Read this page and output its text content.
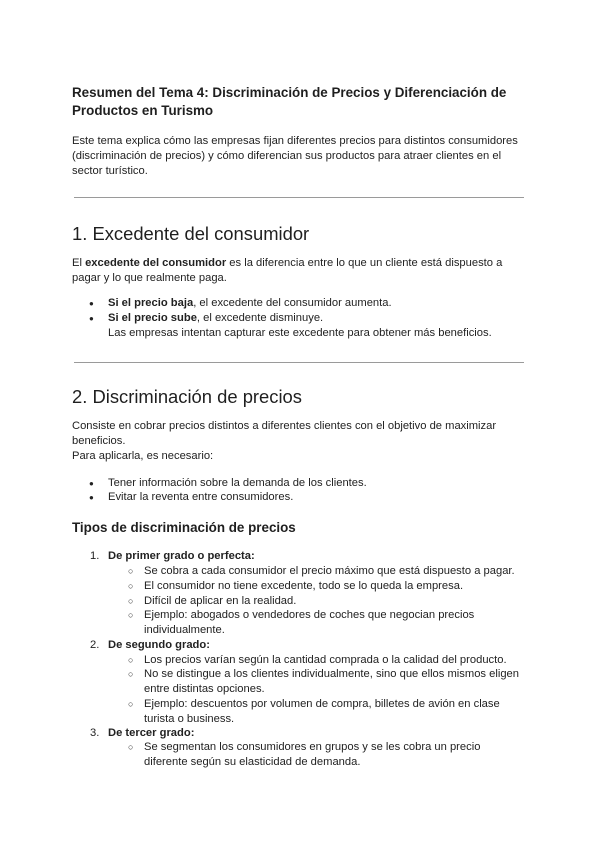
Resumen del Tema 4: Discriminación de Precios y Diferenciación de Productos en Turismo
Este tema explica cómo las empresas fijan diferentes precios para distintos consumidores (discriminación de precios) y cómo diferencian sus productos para atraer clientes en el sector turístico.
1. Excedente del consumidor
El excedente del consumidor es la diferencia entre lo que un cliente está dispuesto a pagar y lo que realmente paga.
● Si el precio baja, el excedente del consumidor aumenta.
● Si el precio sube, el excedente disminuye.
Las empresas intentan capturar este excedente para obtener más beneficios.
2. Discriminación de precios
Consiste en cobrar precios distintos a diferentes clientes con el objetivo de maximizar beneficios.
Para aplicarla, es necesario:
● Tener información sobre la demanda de los clientes.
● Evitar la reventa entre consumidores.
Tipos de discriminación de precios
1. De primer grado o perfecta:
○ Se cobra a cada consumidor el precio máximo que está dispuesto a pagar.
○ El consumidor no tiene excedente, todo se lo queda la empresa.
○ Difícil de aplicar en la realidad.
○ Ejemplo: abogados o vendedores de coches que negocian precios individualmente.
2. De segundo grado:
○ Los precios varían según la cantidad comprada o la calidad del producto.
○ No se distingue a los clientes individualmente, sino que ellos mismos eligen entre distintas opciones.
○ Ejemplo: descuentos por volumen de compra, billetes de avión en clase turista o business.
3. De tercer grado:
○ Se segmentan los consumidores en grupos y se les cobra un precio diferente según su elasticidad de demanda.
